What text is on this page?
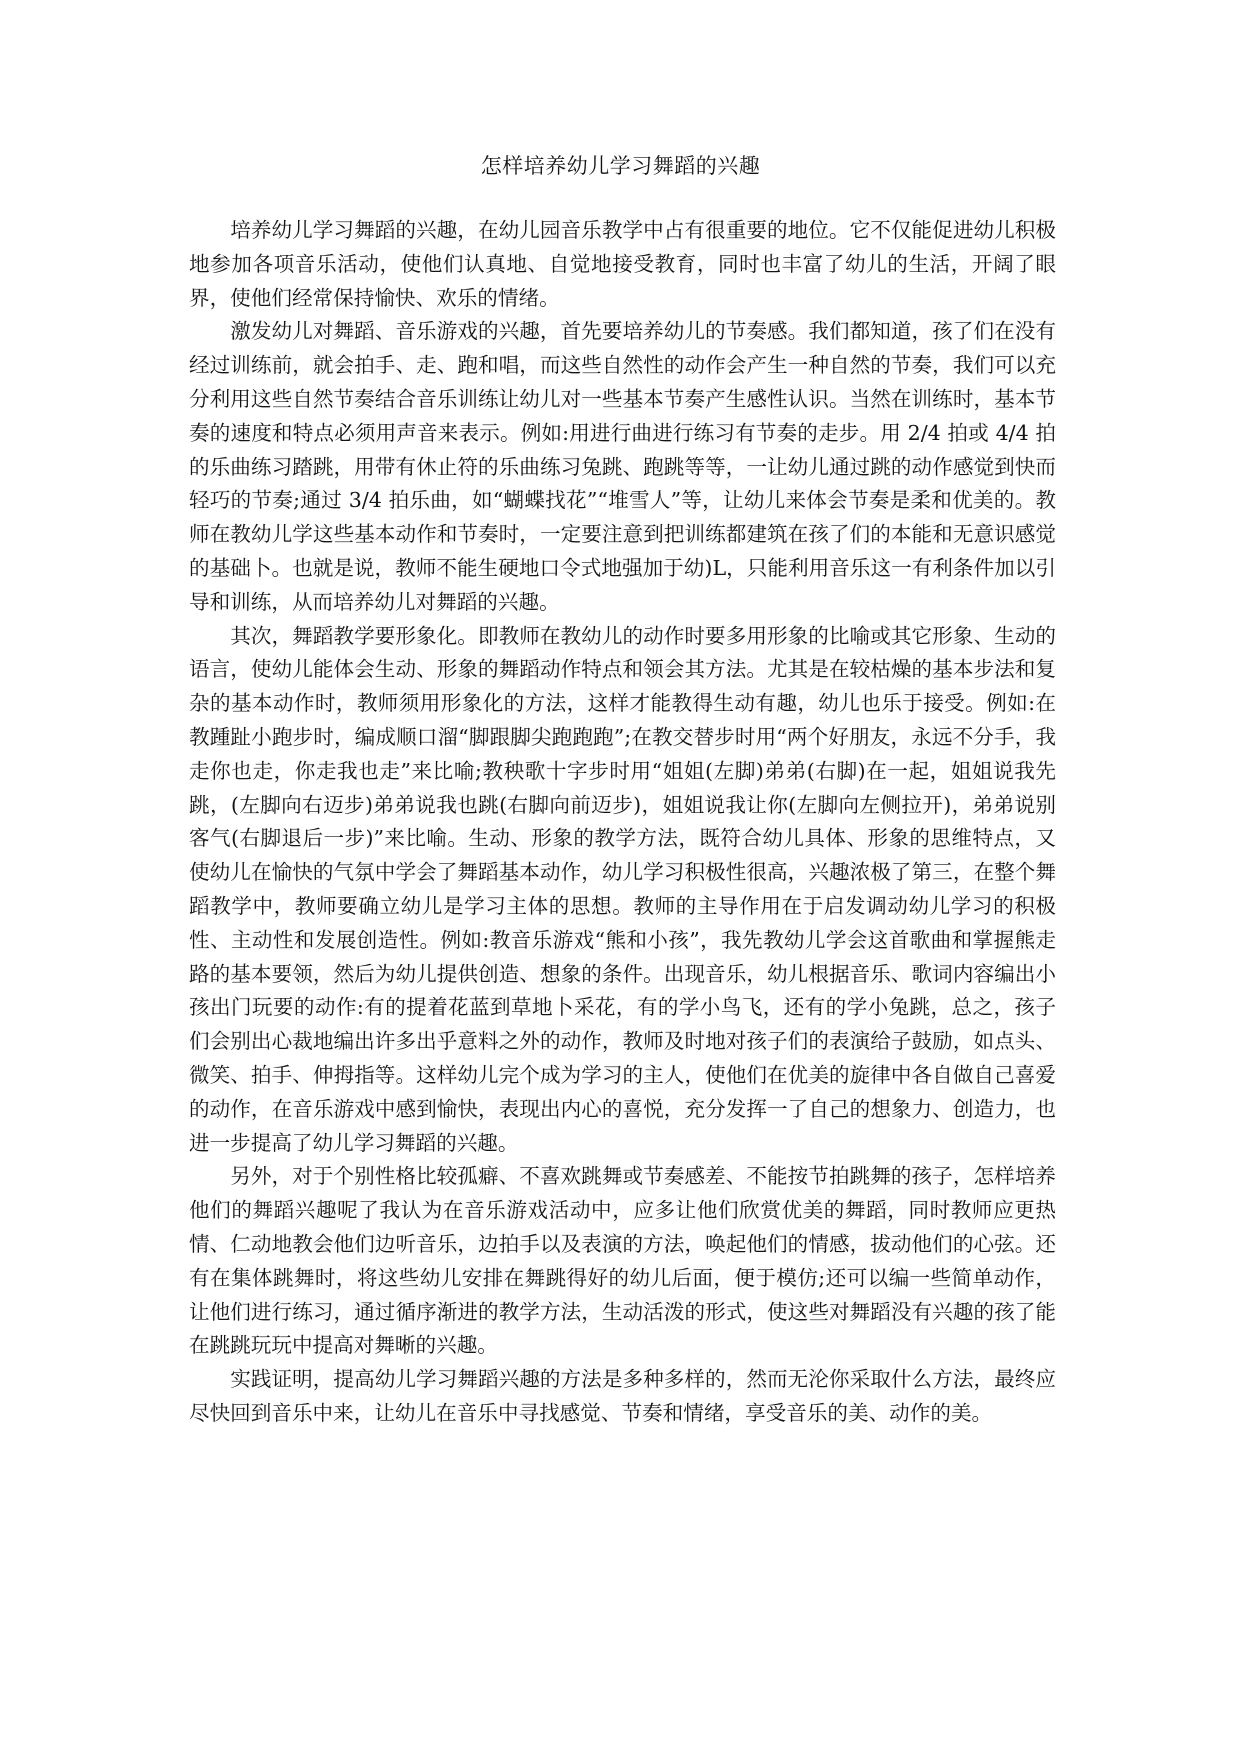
怎样培养幼儿学习舞蹈的兴趣

培养幼儿学习舞蹈的兴趣，在幼儿园音乐教学中占有很重要的地位。它不仅能促进幼儿积极地参加各项音乐活动，使他们认真地、自觉地接受教育，同时也丰富了幼儿的生活，开阔了眼界，使他们经常保持愉快、欢乐的情绪。

激发幼儿对舞蹈、音乐游戏的兴趣，首先要培养幼儿的节奏感。我们都知道，孩了们在没有经过训练前，就会拍手、走、跑和唱，而这些自然性的动作会产生一种自然的节奏，我们可以充分利用这些自然节奏结合音乐训练让幼儿对一些基本节奏产生感性认识。当然在训练时，基本节奏的速度和特点必须用声音来表示。例如:用进行曲进行练习有节奏的走步。用 2/4 拍或 4/4 拍的乐曲练习踏跳，用带有休止符的乐曲练习兔跳、跑跳等等，一让幼儿通过跳的动作感觉到快而轻巧的节奏;通过 3/4 拍乐曲，如“蝴蝶找花”“堆雪人”等，让幼儿来体会节奏是柔和优美的。教师在教幼儿学这些基本动作和节奏时，一定要注意到把训练都建筑在孩了们的本能和无意识感觉的基础卜。也就是说，教师不能生硬地口令式地强加于幼)L，只能利用音乐这一有利条件加以引导和训练，从而培养幼儿对舞蹈的兴趣。

其次，舞蹈教学要形象化。即教师在教幼儿的动作时要多用形象的比喻或其它形象、生动的语言，使幼儿能体会生动、形象的舞蹈动作特点和领会其方法。尤其是在较枯燥的基本步法和复杂的基本动作时，教师须用形象化的方法，这样才能教得生动有趣，幼儿也乐于接受。例如:在教踵趾小跑步时，编成顺口溜“脚跟脚尖跑跑跑”;在教交替步时用“两个好朋友，永远不分手，我走你也走，你走我也走”来比喻;教秧歌十字步时用“姐姐(左脚)弟弟(右脚)在一起，姐姐说我先跳，(左脚向右迈步)弟弟说我也跳(右脚向前迈步)，姐姐说我让你(左脚向左侧拉开)，弟弟说别客气(右脚退后一步)”来比喻。生动、形象的教学方法，既符合幼儿具体、形象的思维特点，又使幼儿在愉快的气氛中学会了舞蹈基本动作，幼儿学习积极性很高，兴趣浓极了第三，在整个舞蹈教学中，教师要确立幼儿是学习主体的思想。教师的主导作用在于启发调动幼儿学习的积极性、主动性和发展创造性。例如:教音乐游戏“熊和小孩”，我先教幼儿学会这首歌曲和掌握熊走路的基本要领，然后为幼儿提供创造、想象的条件。出现音乐，幼儿根据音乐、歌词内容编出小孩出门玩要的动作:有的提着花蓝到草地卜采花，有的学小鸟飞，还有的学小兔跳，总之，孩子们会别出心裁地编出许多出乎意料之外的动作，教师及时地对孩子们的表演给子鼓励，如点头、微笑、拍手、伸拇指等。这样幼儿完个成为学习的主人，使他们在优美的旋律中各自做自己喜爱的动作，在音乐游戏中感到愉快，表现出内心的喜悦，充分发挥一了自己的想象力、创造力，也进一步提高了幼儿学习舞蹈的兴趣。

另外，对于个别性格比较孤癖、不喜欢跳舞或节奏感差、不能按节拍跳舞的孩子，怎样培养他们的舞蹈兴趣呢了我认为在音乐游戏活动中，应多让他们欣赏优美的舞蹈，同时教师应更热情、仁动地教会他们边听音乐，边拍手以及表演的方法，唤起他们的情感，拔动他们的心弦。还有在集体跳舞时，将这些幼儿安排在舞跳得好的幼儿后面，便于模仿;还可以编一些简单动作，让他们进行练习，通过循序渐进的教学方法，生动活泼的形式，使这些对舞蹈没有兴趣的孩了能在跳跳玩玩中提高对舞晰的兴趣。

实践证明，提高幼儿学习舞蹈兴趣的方法是多种多样的，然而无沦你采取什么方法，最终应尽快回到音乐中来，让幼儿在音乐中寻找感觉、节奏和情绪，享受音乐的美、动作的美。
